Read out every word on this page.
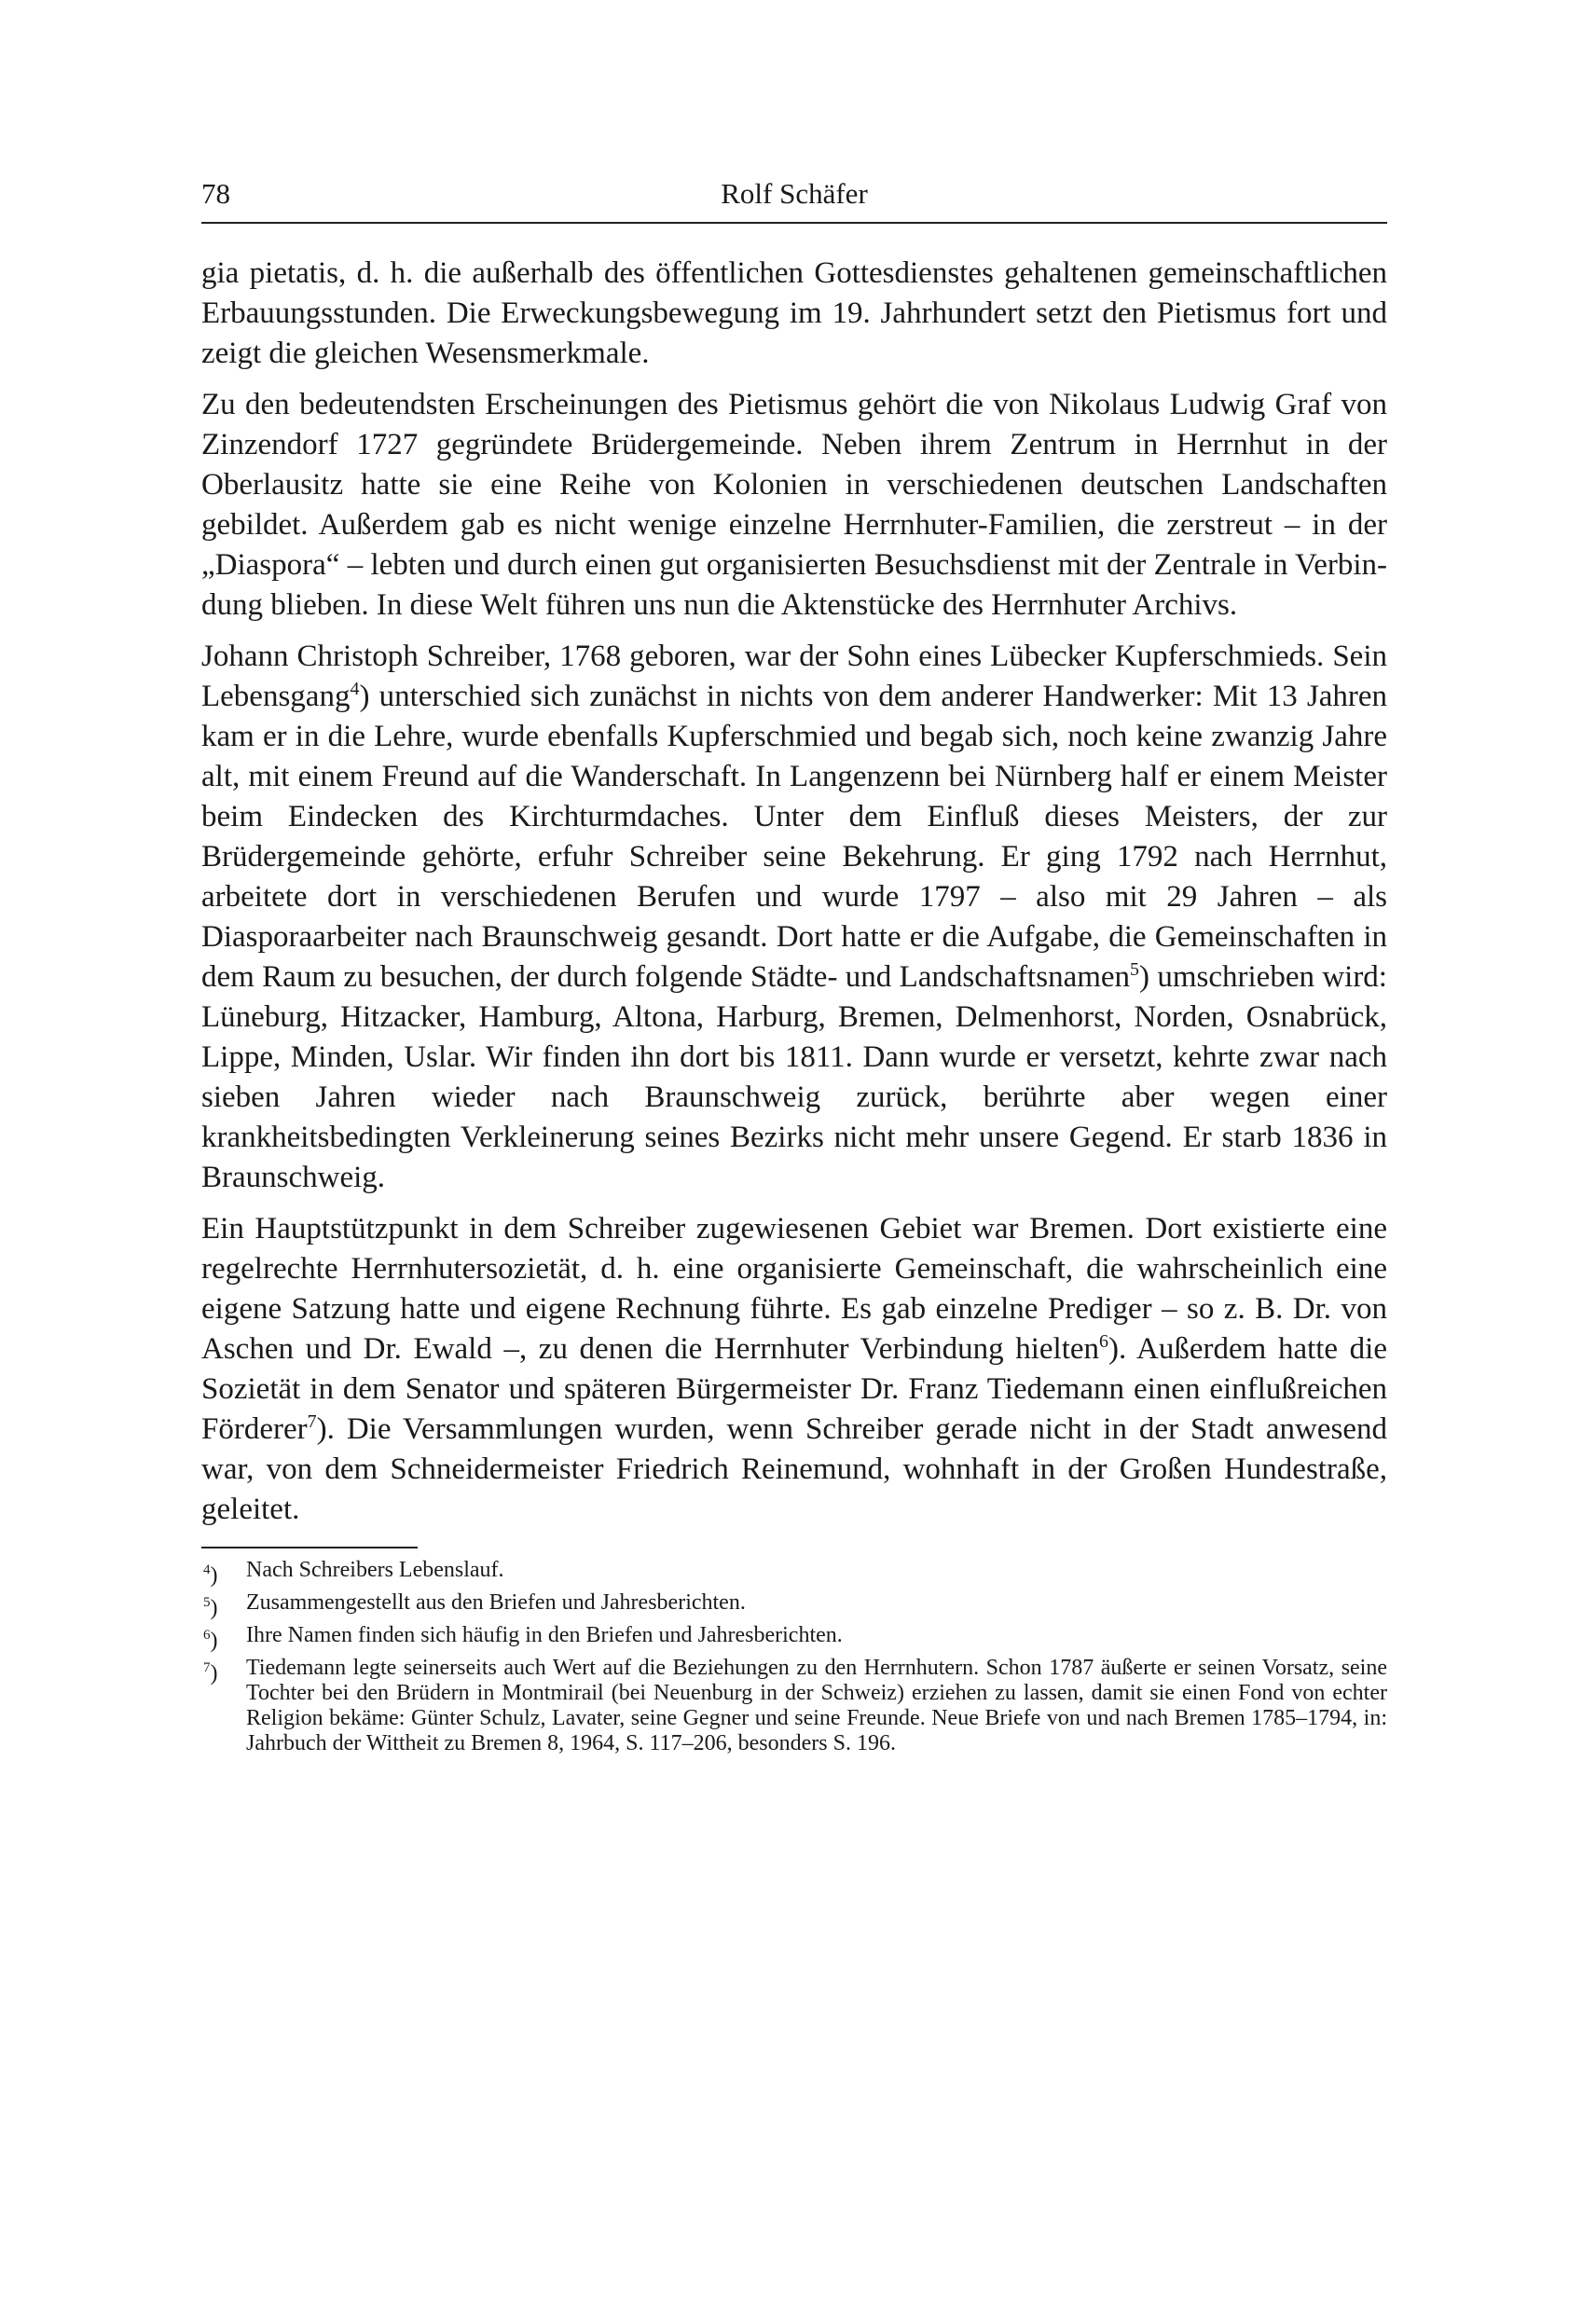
78	Rolf Schäfer

gia pietatis, d. h. die außerhalb des öffentlichen Gottesdienstes gehaltenen gemeinschaftlichen Erbauungsstunden. Die Erweckungsbewegung im 19. Jahrhundert setzt den Pietismus fort und zeigt die gleichen Wesensmerkmale.

Zu den bedeutendsten Erscheinungen des Pietismus gehört die von Nikolaus Ludwig Graf von Zinzendorf 1727 gegründete Brüdergemeinde. Neben ihrem Zentrum in Herrnhut in der Oberlausitz hatte sie eine Reihe von Kolonien in verschiedenen deutschen Landschaften gebildet. Außerdem gab es nicht wenige einzelne Herrnhuter-Familien, die zerstreut – in der „Diaspora“ – lebten und durch einen gut organisierten Besuchsdienst mit der Zentrale in Verbindung blieben. In diese Welt führen uns nun die Aktenstücke des Herrnhuter Archivs.

Johann Christoph Schreiber, 1768 geboren, war der Sohn eines Lübecker Kupferschmieds. Sein Lebensgang$^4$) unterschied sich zunächst in nichts von dem anderer Handwerker: Mit 13 Jahren kam er in die Lehre, wurde ebenfalls Kupferschmied und begab sich, noch keine zwanzig Jahre alt, mit einem Freund auf die Wanderschaft. In Langenzenn bei Nürnberg half er einem Meister beim Eindecken des Kirchturmdaches. Unter dem Einfluß dieses Meisters, der zur Brüdergemeinde gehörte, erfuhr Schreiber seine Bekehrung. Er ging 1792 nach Herrnhut, arbeitete dort in verschiedenen Berufen und wurde 1797 – also mit 29 Jahren – als Diasporaarbeiter nach Braunschweig gesandt. Dort hatte er die Aufgabe, die Gemeinschaften in dem Raum zu besuchen, der durch folgende Städte- und Landschaftsnamen$^5$) umschrieben wird: Lüneburg, Hitzacker, Hamburg, Altona, Harburg, Bremen, Delmenhorst, Norden, Osnabrück, Lippe, Minden, Uslar. Wir finden ihn dort bis 1811. Dann wurde er versetzt, kehrte zwar nach sieben Jahren wieder nach Braunschweig zurück, berührte aber wegen einer krankheitsbedingten Verkleinerung seines Bezirks nicht mehr unsere Gegend. Er starb 1836 in Braunschweig.

Ein Hauptstützpunkt in dem Schreiber zugewiesenen Gebiet war Bremen. Dort existierte eine regelrechte Herrnhutersozietät, d. h. eine organisierte Gemeinschaft, die wahrscheinlich eine eigene Satzung hatte und eigene Rechnung führte. Es gab einzelne Prediger – so z. B. Dr. von Aschen und Dr. Ewald –, zu denen die Herrnhuter Verbindung hielten$^6$). Außerdem hatte die Sozietät in dem Senator und späteren Bürgermeister Dr. Franz Tiedemann einen einflußreichen Förderer$^7$). Die Versammlungen wurden, wenn Schreiber gerade nicht in der Stadt anwesend war, von dem Schneidermeister Friedrich Reinemund, wohnhaft in der Großen Hundestraße, geleitet.

$^4$)	Nach Schreibers Lebenslauf.
$^5$)	Zusammengestellt aus den Briefen und Jahresberichten.
$^6$)	Ihre Namen finden sich häufig in den Briefen und Jahresberichten.
$^7$)	Tiedemann legte seinerseits auch Wert auf die Beziehungen zu den Herrnhutern. Schon 1787 äußerte er seinen Vorsatz, seine Tochter bei den Brüdern in Montmirail (bei Neuenburg in der Schweiz) erziehen zu lassen, damit sie einen Fond von echter Religion bekäme: Günter Schulz, Lavater, seine Gegner und seine Freunde. Neue Briefe von und nach Bremen 1785–1794, in: Jahrbuch der Wittheit zu Bremen 8, 1964, S. 117–206, besonders S. 196.
